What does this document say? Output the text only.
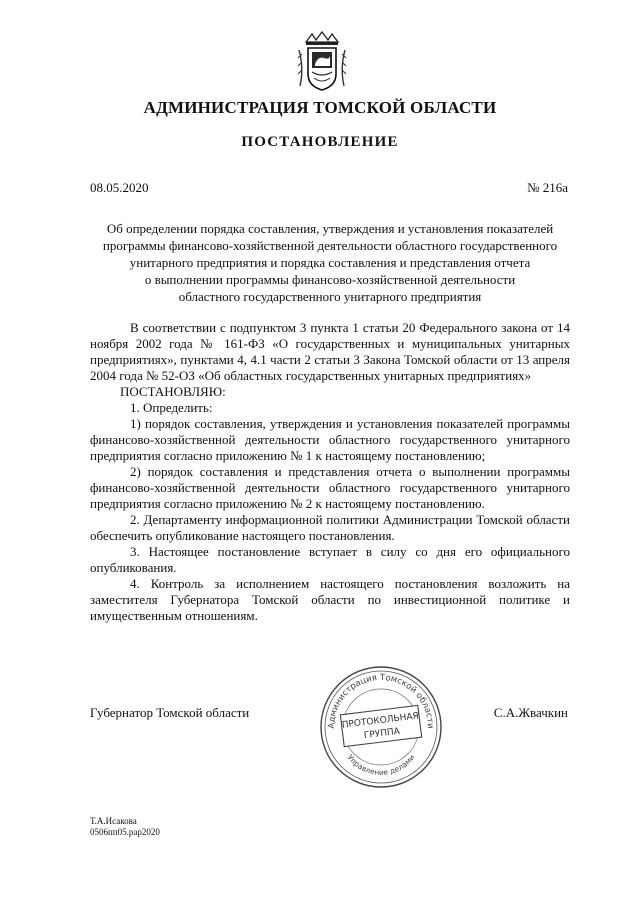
АДМИНИСТРАЦИЯ ТОМСКОЙ ОБЛАСТИ
ПОСТАНОВЛЕНИЕ
08.05.2020	№ 216а
Об определении порядка составления, утверждения и установления показателей
программы финансово-хозяйственной деятельности областного государственного
унитарного предприятия и порядка составления и представления отчета
о выполнении программы финансово-хозяйственной деятельности
областного государственного унитарного предприятия

В соответствии с подпунктом 3 пункта 1 статьи 20 Федерального закона от 14 ноября 2002 года № 161-ФЗ «О государственных и муниципальных унитарных предприятиях», пунктами 4, 4.1 части 2 статьи 3 Закона Томской области от 13 апреля 2004 года № 52-ОЗ «Об областных государственных унитарных предприятиях»

ПОСТАНОВЛЯЮ:

1. Определить:

1) порядок составления, утверждения и установления показателей программы финансово-хозяйственной деятельности областного государственного унитарного предприятия согласно приложению № 1 к настоящему постановлению;

2) порядок составления и представления отчета о выполнении программы финансово-хозяйственной деятельности областного государственного унитарного предприятия согласно приложению № 2 к настоящему постановлению.

2. Департаменту информационной политики Администрации Томской области обеспечить опубликование настоящего постановления.

3. Настоящее постановление вступает в силу со дня его официального опубликования.

4. Контроль за исполнением настоящего постановления возложить на заместителя Губернатора Томской области по инвестиционной политике и имущественным отношениям.

Администрация Томской области
Управление делами
ПРОТОКОЛЬНАЯ
ГРУППА
Губернатор Томской области	С.А.Жвачкин
Т.А.Исакова
0506пп05.рар2020
